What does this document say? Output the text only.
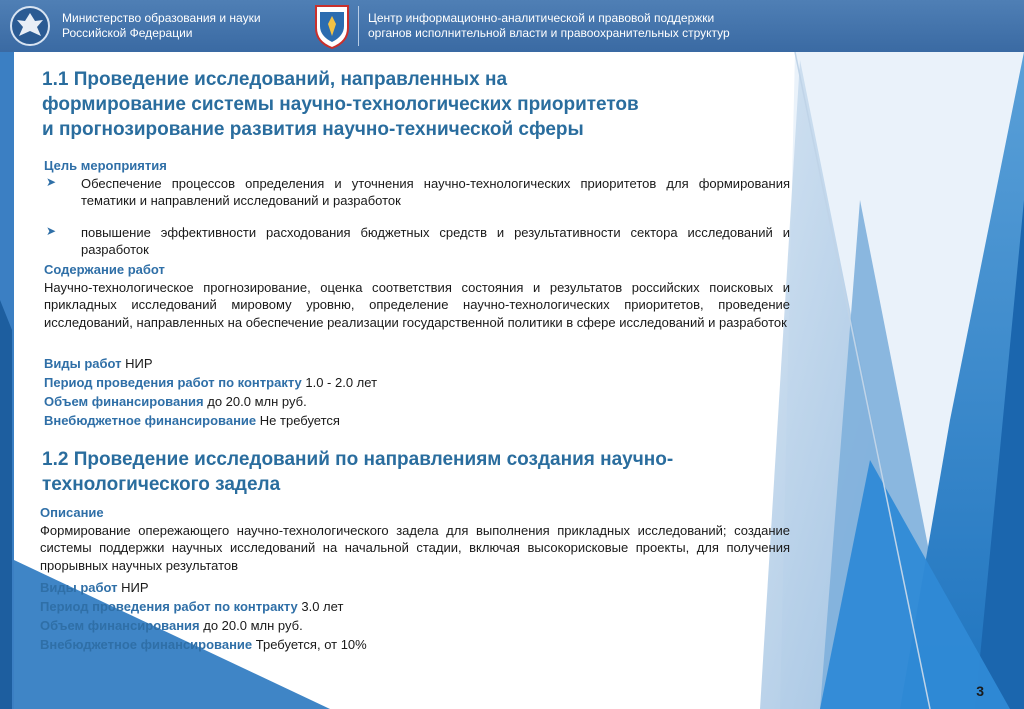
Министерство образования и науки
Российской Федерации
Центр информационно-аналитической и правовой поддержки
органов исполнительной власти и правоохранительных структур
1.1 Проведение исследований, направленных на
формирование системы научно-технологических приоритетов
и прогнозирование развития научно-технической сферы
Цель мероприятия
➤ Обеспечение процессов определения и уточнения научно-технологических приоритетов для формирования тематики и направлений исследований и разработок
➤ повышение эффективности расходования бюджетных средств и результативности сектора исследований и разработок
Содержание работ
Научно-технологическое прогнозирование, оценка соответствия состояния и результатов российских поисковых и прикладных исследований мировому уровню, определение научно-технологических приоритетов, проведение исследований, направленных на обеспечение реализации государственной политики в сфере исследований и разработок
Виды работ НИР
Период проведения работ по контракту 1.0 - 2.0 лет
Объем финансирования до 20.0 млн руб.
Внебюджетное финансирование Не требуется
1.2 Проведение исследований по направлениям создания научно-
технологического задела
Описание
Формирование опережающего научно-технологического задела для выполнения прикладных исследований; создание системы поддержки научных исследований на начальной стадии, включая высокорисковые проекты, для получения прорывных научных результатов
Виды работ НИР
Период проведения работ по контракту 3.0 лет
Объем финансирования до 20.0 млн руб.
Внебюджетное финансирование Требуется, от 10%
3
